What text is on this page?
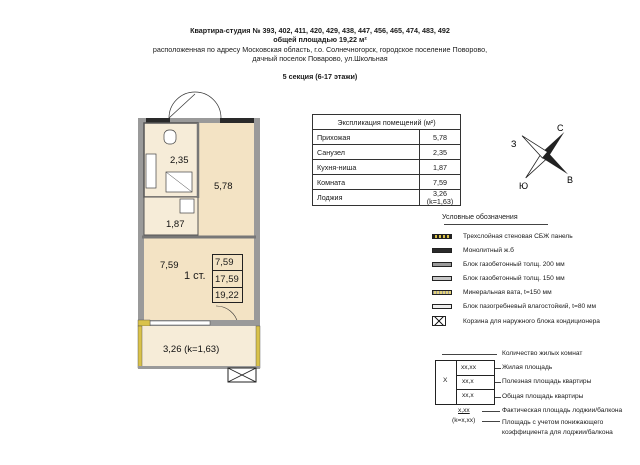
Квартира-студия № 393, 402, 411, 420, 429, 438, 447, 456, 465, 474, 483, 492
общей площадью 19,22 м²
расположенная по адресу Московская область, г.о. Солнечногорск, городское поселение Поворово,
дачный поселок Поварово, ул.Школьная
5 секция (6-17 этажи)
2,35
5,78
1,87
7,59
3,26 (k=1,63)
1 ст.
7,59
17,59
19,22
Экспликация помещений (м²)	
Прихожая	5,78
Санузел	2,35
Кухня-ниша	1,87
Комната	7,59
Лоджия	3,26
(k=1,63)
С
З
В
Ю
Условные обозначения
Трехслойная стеновая СБЖ панель
Монолитный ж.б
Блок газобетонный толщ. 200 мм
Блок газобетонный толщ. 150 мм
Минеральная вата, t=150 мм
Блок пазогребневый влагостойкий, t=80 мм
Корзина для наружного блока кондиционера
X
xx,xx
xx,x
xx,x
Количество жилых комнат
Жилая площадь
Полезная площадь квартиры
Общая площадь квартиры
x,xx
(k=x,xx)
Фактическая площадь лоджии/балкона
Площадь с учетом понижающего
коэффициента для лоджии/балкона
